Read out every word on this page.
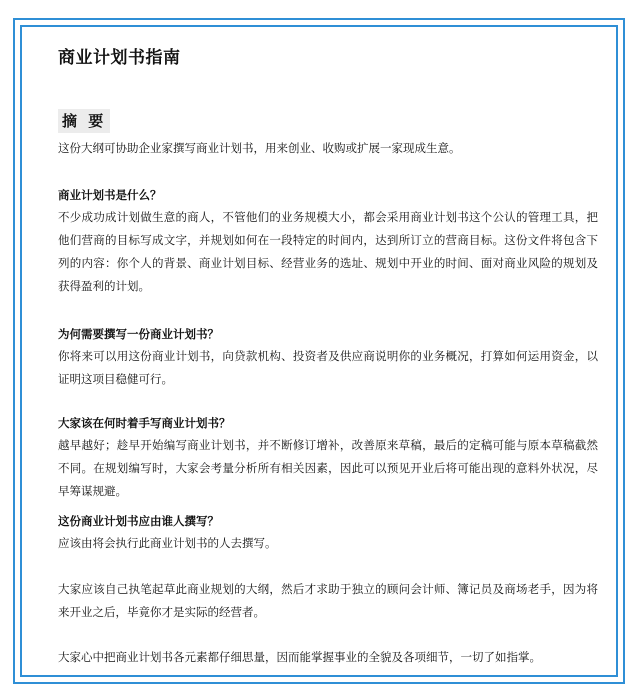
商业计划书指南
摘 要

这份大纲可协助企业家撰写商业计划书，用来创业、收购或扩展一家现成生意。

商业计划书是什么？

不少成功成计划做生意的商人，不管他们的业务规模大小，都会采用商业计划书这个公认的管理工具，把他们营商的目标写成文字，并规划如何在一段特定的时间内，达到所订立的营商目标。这份文件将包含下列的内容：你个人的背景、商业计划目标、经营业务的选址、规划中开业的时间、面对商业风险的规划及获得盈利的计划。

为何需要撰写一份商业计划书？

你将来可以用这份商业计划书，向贷款机构、投资者及供应商说明你的业务概况，打算如何运用资金，以证明这项目稳健可行。

大家该在何时着手写商业计划书？

越早越好；趁早开始编写商业计划书，并不断修订增补，改善原来草稿，最后的定稿可能与原本草稿截然不同。在规划编写时，大家会考量分析所有相关因素，因此可以预见开业后将可能出现的意料外状况，尽早筹谋规避。

这份商业计划书应由谁人撰写？

应该由将会执行此商业计划书的人去撰写。

大家应该自己执笔起草此商业规划的大纲，然后才求助于独立的顾问会计师、簿记员及商场老手，因为将来开业之后，毕竟你才是实际的经营者。

大家心中把商业计划书各元素都仔细思量，因而能掌握事业的全貌及各项细节，一切了如指掌。
